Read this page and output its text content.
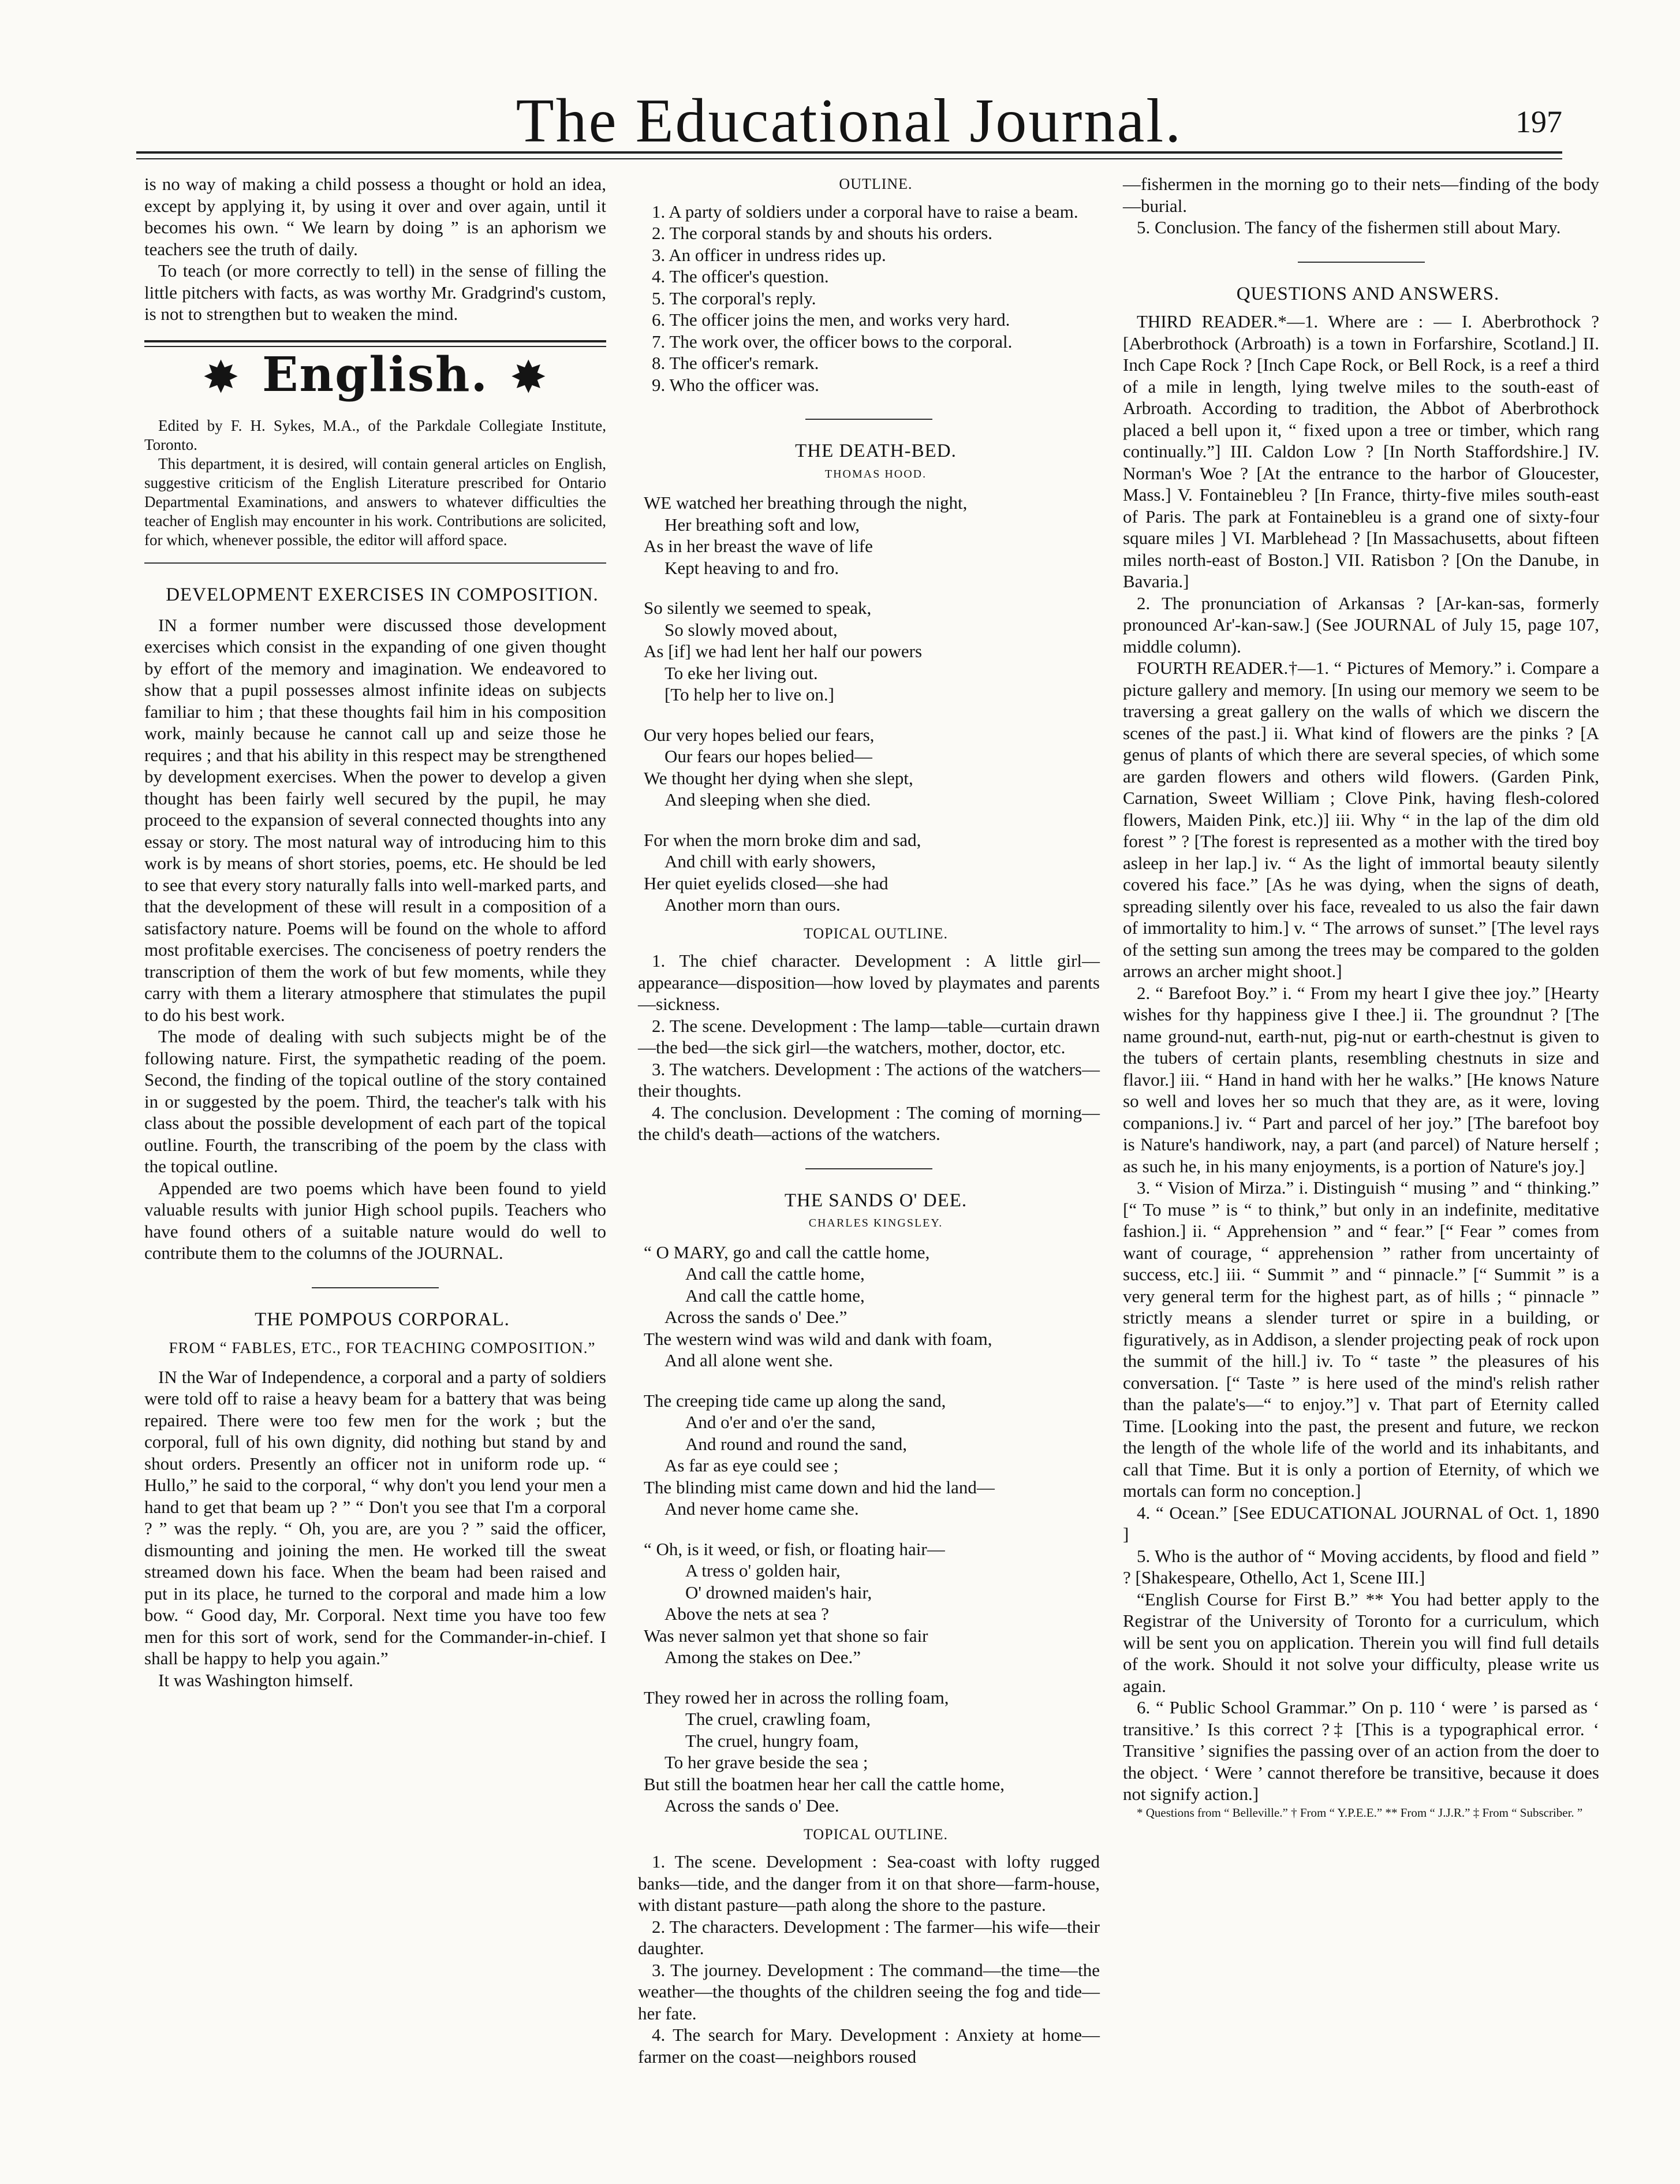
The Educational Journal.	197

is no way of making a child possess a thought or hold an idea, except by applying it, by using it over and over again, until it becomes his own. “ We learn by doing ” is an aphorism we teachers see the truth of daily.

To teach (or more correctly to tell) in the sense of filling the little pitchers with facts, as was worthy Mr. Gradgrind's custom, is not to strengthen but to weaken the mind.

✸ English. ✸

Edited by F. H. Sykes, M.A., of the Parkdale Collegiate Institute, Toronto.

This department, it is desired, will contain general articles on English, suggestive criticism of the English Literature prescribed for Ontario Departmental Examinations, and answers to whatever difficulties the teacher of English may encounter in his work. Contributions are solicited, for which, whenever possible, the editor will afford space.

DEVELOPMENT EXERCISES IN COMPOSITION.

IN a former number were discussed those development exercises which consist in the expanding of one given thought by effort of the memory and imagination. We endeavored to show that a pupil possesses almost infinite ideas on subjects familiar to him ; that these thoughts fail him in his composition work, mainly because he cannot call up and seize those he requires ; and that his ability in this respect may be strengthened by development exercises. When the power to develop a given thought has been fairly well secured by the pupil, he may proceed to the expansion of several connected thoughts into any essay or story. The most natural way of introducing him to this work is by means of short stories, poems, etc. He should be led to see that every story naturally falls into well-marked parts, and that the development of these will result in a composition of a satisfactory nature. Poems will be found on the whole to afford most profitable exercises. The conciseness of poetry renders the transcription of them the work of but few moments, while they carry with them a literary atmosphere that stimulates the pupil to do his best work.

The mode of dealing with such subjects might be of the following nature. First, the sympathetic reading of the poem. Second, the finding of the topical outline of the story contained in or suggested by the poem. Third, the teacher's talk with his class about the possible development of each part of the topical outline. Fourth, the transcribing of the poem by the class with the topical outline.

Appended are two poems which have been found to yield valuable results with junior High school pupils. Teachers who have found others of a suitable nature would do well to contribute them to the columns of the JOURNAL.

THE POMPOUS CORPORAL.

FROM “ FABLES, ETC., FOR TEACHING COMPOSITION.”

IN the War of Independence, a corporal and a party of soldiers were told off to raise a heavy beam for a battery that was being repaired. There were too few men for the work ; but the corporal, full of his own dignity, did nothing but stand by and shout orders. Presently an officer not in uniform rode up. “ Hullo,” he said to the corporal, “ why don't you lend your men a hand to get that beam up ? ” “ Don't you see that I'm a corporal ? ” was the reply. “ Oh, you are, are you ? ” said the officer, dismounting and joining the men. He worked till the sweat streamed down his face. When the beam had been raised and put in its place, he turned to the corporal and made him a low bow. “ Good day, Mr. Corporal. Next time you have too few men for this sort of work, send for the Commander-in-chief. I shall be happy to help you again.”

It was Washington himself.

OUTLINE.

1. A party of soldiers under a corporal have to raise a beam.
2. The corporal stands by and shouts his orders.
3. An officer in undress rides up.
4. The officer's question.
5. The corporal's reply.
6. The officer joins the men, and works very hard.
7. The work over, the officer bows to the corporal.
8. The officer's remark.
9. Who the officer was.

THE DEATH-BED.

THOMAS HOOD.

WE watched her breathing through the night,
Her breathing soft and low,
As in her breast the wave of life
Kept heaving to and fro.
So silently we seemed to speak,
So slowly moved about,
As [if] we had lent her half our powers
To eke her living out.
[To help her to live on.]
Our very hopes belied our fears,
Our fears our hopes belied—
We thought her dying when she slept,
And sleeping when she died.
For when the morn broke dim and sad,
And chill with early showers,
Her quiet eyelids closed—she had
Another morn than ours.

TOPICAL OUTLINE.

1. The chief character. Development : A little girl—appearance—disposition—how loved by playmates and parents—sickness.
2. The scene. Development : The lamp—table—curtain drawn—the bed—the sick girl—the watchers, mother, doctor, etc.
3. The watchers. Development : The actions of the watchers—their thoughts.
4. The conclusion. Development : The coming of morning—the child's death—actions of the watchers.

THE SANDS O' DEE.

CHARLES KINGSLEY.

“ O MARY, go and call the cattle home,
And call the cattle home,
And call the cattle home,
Across the sands o' Dee.”
The western wind was wild and dank with foam,
And all alone went she.
The creeping tide came up along the sand,
And o'er and o'er the sand,
And round and round the sand,
As far as eye could see ;
The blinding mist came down and hid the land—
And never home came she.
“ Oh, is it weed, or fish, or floating hair—
A tress o' golden hair,
O' drowned maiden's hair,
Above the nets at sea ?
Was never salmon yet that shone so fair
Among the stakes on Dee.”
They rowed her in across the rolling foam,
The cruel, crawling foam,
The cruel, hungry foam,
To her grave beside the sea ;
But still the boatmen hear her call the cattle home,
Across the sands o' Dee.

TOPICAL OUTLINE.

1. The scene. Development : Sea-coast with lofty rugged banks—tide, and the danger from it on that shore—farm-house, with distant pasture—path along the shore to the pasture.
2. The characters. Development : The farmer—his wife—their daughter.
3. The journey. Development : The command—the time—the weather—the thoughts of the children seeing the fog and tide—her fate.
4. The search for Mary. Development : Anxiety at home—farmer on the coast—neighbors roused

—fishermen in the morning go to their nets—finding of the body—burial.

5. Conclusion. The fancy of the fishermen still about Mary.

QUESTIONS AND ANSWERS.

THIRD READER.*—1. Where are : — I. Aberbrothock ? [Aberbrothock (Arbroath) is a town in Forfarshire, Scotland.] II. Inch Cape Rock ? [Inch Cape Rock, or Bell Rock, is a reef a third of a mile in length, lying twelve miles to the south-east of Arbroath. According to tradition, the Abbot of Aberbrothock placed a bell upon it, “ fixed upon a tree or timber, which rang continually.”] III. Caldon Low ? [In North Staffordshire.] IV. Norman's Woe ? [At the entrance to the harbor of Gloucester, Mass.] V. Fontainebleu ? [In France, thirty-five miles south-east of Paris. The park at Fontainebleu is a grand one of sixty-four square miles ] VI. Marblehead ? [In Massachusetts, about fifteen miles north-east of Boston.] VII. Ratisbon ? [On the Danube, in Bavaria.]

2. The pronunciation of Arkansas ? [Ar-kan-sas, formerly pronounced Ar'-kan-saw.] (See JOURNAL of July 15, page 107, middle column).

FOURTH READER.†—1. “ Pictures of Memory.” i. Compare a picture gallery and memory. [In using our memory we seem to be traversing a great gallery on the walls of which we discern the scenes of the past.] ii. What kind of flowers are the pinks ? [A genus of plants of which there are several species, of which some are garden flowers and others wild flowers. (Garden Pink, Carnation, Sweet William ; Clove Pink, having flesh-colored flowers, Maiden Pink, etc.)] iii. Why “ in the lap of the dim old forest ” ? [The forest is represented as a mother with the tired boy asleep in her lap.] iv. “ As the light of immortal beauty silently covered his face.” [As he was dying, when the signs of death, spreading silently over his face, revealed to us also the fair dawn of immortality to him.] v. “ The arrows of sunset.” [The level rays of the setting sun among the trees may be compared to the golden arrows an archer might shoot.]

2. “ Barefoot Boy.” i. “ From my heart I give thee joy.” [Hearty wishes for thy happiness give I thee.] ii. The groundnut ? [The name ground-nut, earth-nut, pig-nut or earth-chestnut is given to the tubers of certain plants, resembling chestnuts in size and flavor.] iii. “ Hand in hand with her he walks.” [He knows Nature so well and loves her so much that they are, as it were, loving companions.] iv. “ Part and parcel of her joy.” [The barefoot boy is Nature's handiwork, nay, a part (and parcel) of Nature herself ; as such he, in his many enjoyments, is a portion of Nature's joy.]

3. “ Vision of Mirza.” i. Distinguish “ musing ” and “ thinking.” [“ To muse ” is “ to think,” but only in an indefinite, meditative fashion.] ii. “ Apprehension ” and “ fear.” [“ Fear ” comes from want of courage, “ apprehension ” rather from uncertainty of success, etc.] iii. “ Summit ” and “ pinnacle.” [“ Summit ” is a very general term for the highest part, as of hills ; “ pinnacle ” strictly means a slender turret or spire in a building, or figuratively, as in Addison, a slender projecting peak of rock upon the summit of the hill.] iv. To “ taste ” the pleasures of his conversation. [“ Taste ” is here used of the mind's relish rather than the palate's—“ to enjoy.”] v. That part of Eternity called Time. [Looking into the past, the present and future, we reckon the length of the whole life of the world and its inhabitants, and call that Time. But it is only a portion of Eternity, of which we mortals can form no conception.]

4. “ Ocean.” [See EDUCATIONAL JOURNAL of Oct. 1, 1890 ]

5. Who is the author of “ Moving accidents, by flood and field ” ? [Shakespeare, Othello, Act 1, Scene III.]

“English Course for First B.” ** You had better apply to the Registrar of the University of Toronto for a curriculum, which will be sent you on application. Therein you will find full details of the work. Should it not solve your difficulty, please write us again.

6. “ Public School Grammar.” On p. 110 ‘ were ’ is parsed as ‘ transitive.’ Is this correct ?‡ [This is a typographical error. ‘ Transitive ’ signifies the passing over of an action from the doer to the object. ‘ Were ’ cannot therefore be transitive, because it does not signify action.]

* Questions from “ Belleville.” † From “ Y.P.E.E.” ** From “ J.J.R.” ‡ From “ Subscriber. ”
